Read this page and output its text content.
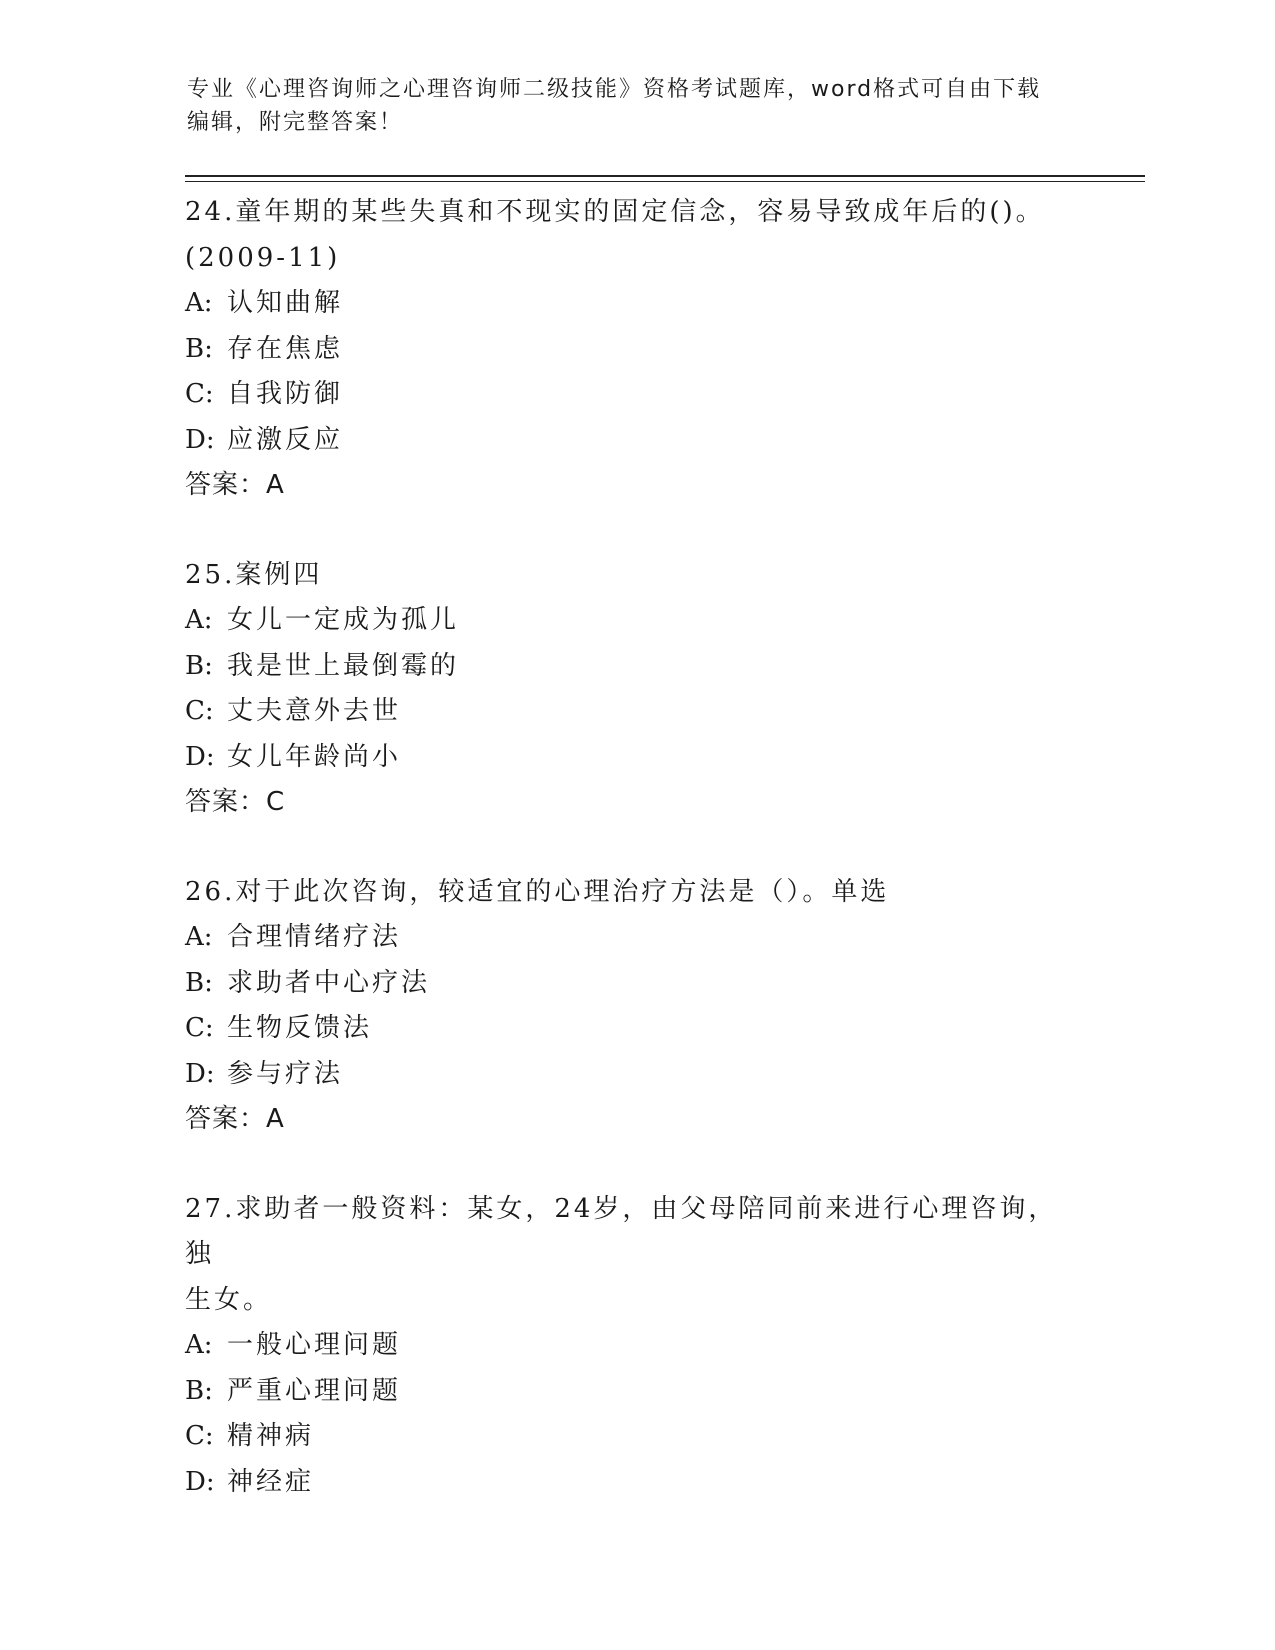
专业《心理咨询师之心理咨询师二级技能》资格考试题库，word格式可自由下载
编辑，附完整答案！
24.童年期的某些失真和不现实的固定信念，容易导致成年后的()。
(2009-11)
A: 认知曲解
B: 存在焦虑
C: 自我防御
D: 应激反应
答案：A
25.案例四
A: 女儿一定成为孤儿
B: 我是世上最倒霉的
C: 丈夫意外去世
D: 女儿年龄尚小
答案：C
26.对于此次咨询，较适宜的心理治疗方法是（）。单选
A: 合理情绪疗法
B: 求助者中心疗法
C: 生物反馈法
D: 参与疗法
答案：A
27.求助者一般资料：某女，24岁，由父母陪同前来进行心理咨询，独
生女。
A: 一般心理问题
B: 严重心理问题
C: 精神病
D: 神经症
